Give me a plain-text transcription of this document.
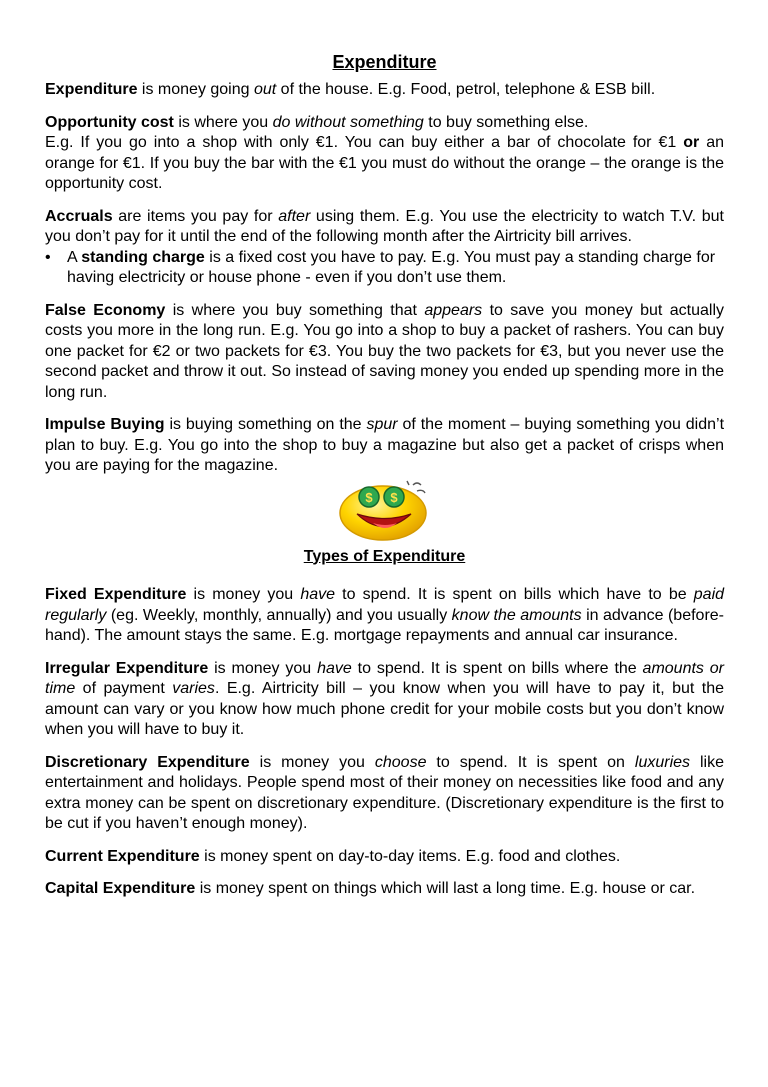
Expenditure

Expenditure is money going out of the house. E.g. Food, petrol, telephone & ESB bill.

Opportunity cost is where you do without something to buy something else.
E.g. If you go into a shop with only €1. You can buy either a bar of chocolate for €1 or an orange for €1. If you buy the bar with the €1 you must do without the orange – the orange is the opportunity cost.

Accruals are items you pay for after using them. E.g. You use the electricity to watch T.V. but you don’t pay for it until the end of the following month after the Airtricity bill arrives.

•	A standing charge is a fixed cost you have to pay. E.g. You must pay a standing charge for having electricity or house phone - even if you don’t use them.

False Economy is where you buy something that appears to save you money but actually costs you more in the long run. E.g. You go into a shop to buy a packet of rashers. You can buy one packet for €2 or two packets for €3. You buy the two packets for €3, but you never use the second packet and throw it out. So instead of saving money you ended up spending more in the long run.

Impulse Buying is buying something on the spur of the moment – buying something you didn’t plan to buy. E.g. You go into the shop to buy a magazine but also get a packet of crisps when you are paying for the magazine.

$ $
Types of Expenditure

Fixed Expenditure is money you have to spend. It is spent on bills which have to be paid regularly (eg. Weekly, monthly, annually) and you usually know the amounts in advance (before-hand). The amount stays the same. E.g. mortgage repayments and annual car insurance.

Irregular Expenditure is money you have to spend. It is spent on bills where the amounts or time of payment varies. E.g. Airtricity bill – you know when you will have to pay it, but the amount can vary or you know how much phone credit for your mobile costs but you don’t know when you will have to buy it.

Discretionary Expenditure is money you choose to spend. It is spent on luxuries like entertainment and holidays. People spend most of their money on necessities like food and any extra money can be spent on discretionary expenditure. (Discretionary expenditure is the first to be cut if you haven’t enough money).

Current Expenditure is money spent on day-to-day items. E.g. food and clothes.

Capital Expenditure is money spent on things which will last a long time. E.g. house or car.
